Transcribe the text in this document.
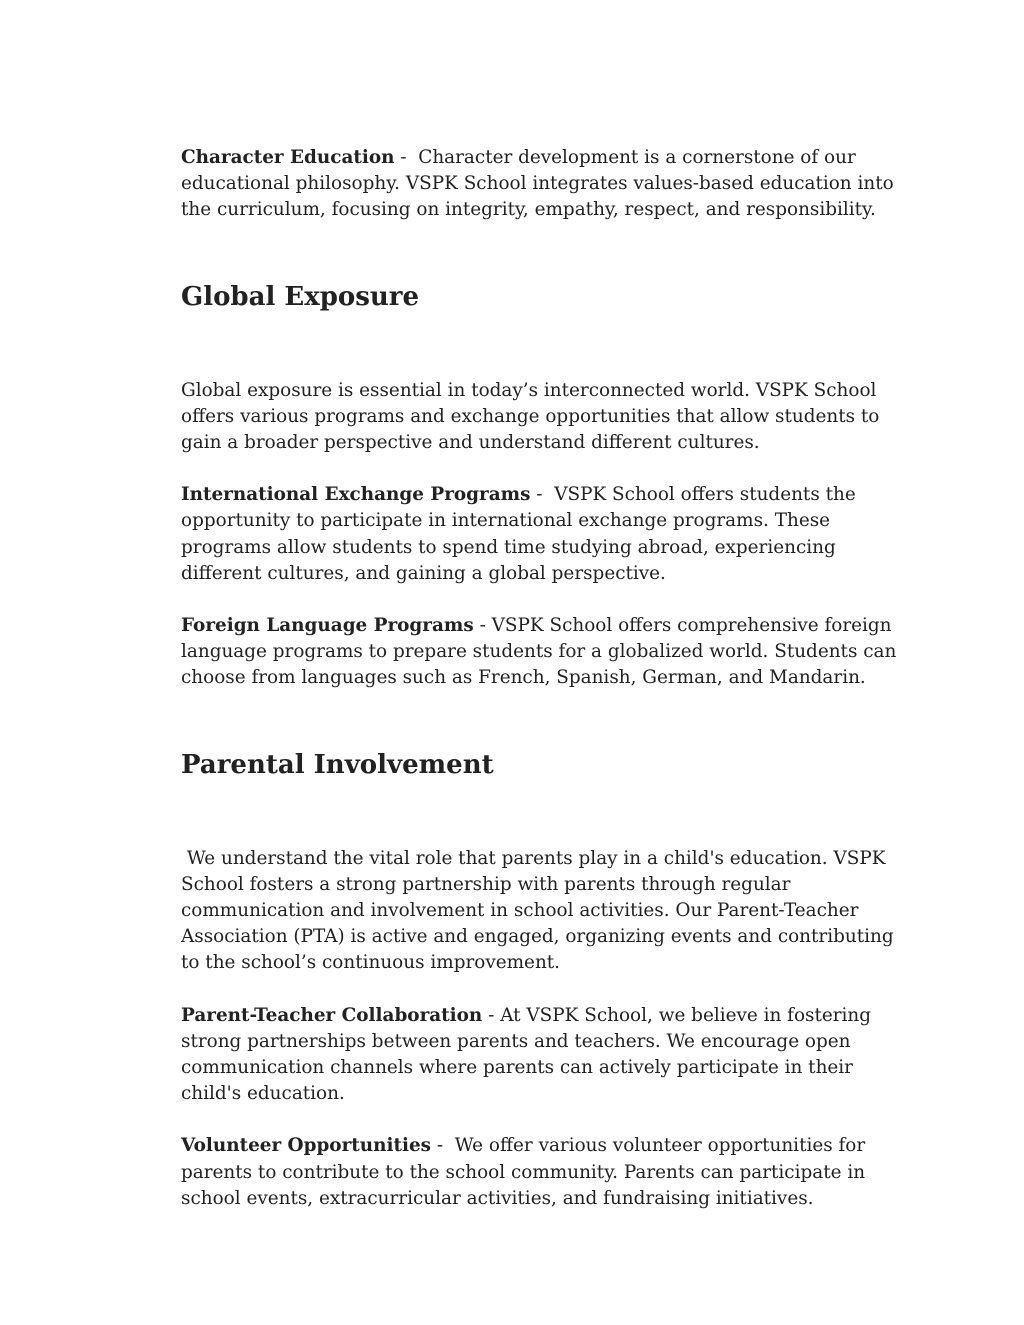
Character Education -  Character development is a cornerstone of our educational philosophy. VSPK School integrates values-based education into the curriculum, focusing on integrity, empathy, respect, and responsibility.

Global Exposure

Global exposure is essential in today’s interconnected world. VSPK School offers various programs and exchange opportunities that allow students to gain a broader perspective and understand different cultures.

International Exchange Programs -  VSPK School offers students the opportunity to participate in international exchange programs. These programs allow students to spend time studying abroad, experiencing different cultures, and gaining a global perspective.

Foreign Language Programs - VSPK School offers comprehensive foreign language programs to prepare students for a globalized world. Students can choose from languages such as French, Spanish, German, and Mandarin.

Parental Involvement

We understand the vital role that parents play in a child's education. VSPK School fosters a strong partnership with parents through regular communication and involvement in school activities. Our Parent-Teacher Association (PTA) is active and engaged, organizing events and contributing to the school’s continuous improvement.

Parent-Teacher Collaboration - At VSPK School, we believe in fostering strong partnerships between parents and teachers. We encourage open communication channels where parents can actively participate in their child's education.

Volunteer Opportunities -  We offer various volunteer opportunities for parents to contribute to the school community. Parents can participate in school events, extracurricular activities, and fundraising initiatives.
